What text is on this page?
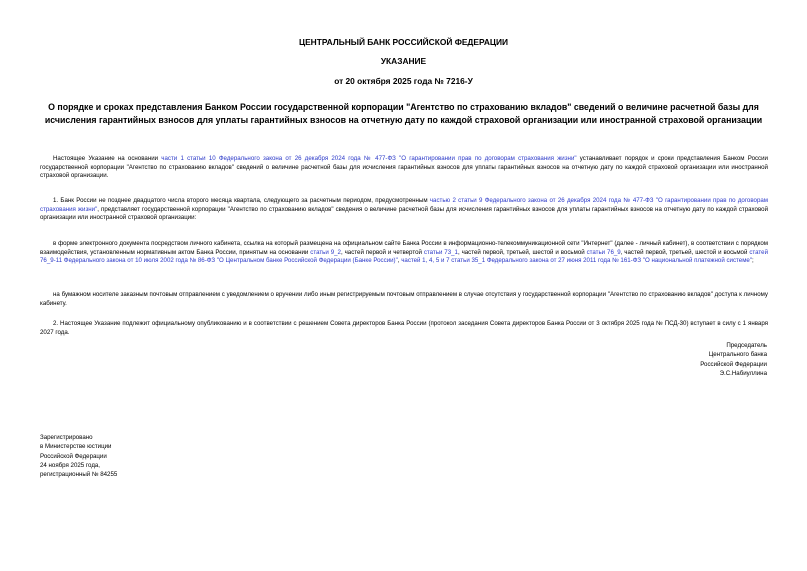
ЦЕНТРАЛЬНЫЙ БАНК РОССИЙСКОЙ ФЕДЕРАЦИИ
УКАЗАНИЕ
от 20 октября 2025 года № 7216-У
О порядке и сроках представления Банком России государственной корпорации "Агентство по страхованию вкладов" сведений о величине расчетной базы для исчисления гарантийных взносов для уплаты гарантийных взносов на отчетную дату по каждой страховой организации или иностранной страховой организации
Настоящее Указание на основании части 1 статьи 10 Федерального закона от 26 декабря 2024 года № 477-ФЗ "О гарантировании прав по договорам страхования жизни" устанавливает порядок и сроки представления Банком России государственной корпорации "Агентство по страхованию вкладов" сведений о величине расчетной базы для исчисления гарантийных взносов для уплаты гарантийных взносов на отчетную дату по каждой страховой организации или иностранной страховой организации.
1. Банк России не позднее двадцатого числа второго месяца квартала, следующего за расчетным периодом, предусмотренным частью 2 статьи 9 Федерального закона от 26 декабря 2024 года № 477-ФЗ "О гарантировании прав по договорам страхования жизни", представляет государственной корпорации "Агентство по страхованию вкладов" сведения о величине расчетной базы для исчисления гарантийных взносов для уплаты гарантийных взносов на отчетную дату по каждой страховой организации или иностранной страховой организации:
в форме электронного документа посредством личного кабинета, ссылка на который размещена на официальном сайте Банка России в информационно-телекоммуникационной сети "Интернет" (далее - личный кабинет), в соответствии с порядком взаимодействия, установленным нормативным актом Банка России, принятым на основании статьи 9_2, частей первой и четвертой статьи 73_1, частей первой, третьей, шестой и восьмой статьи 76_9, частей первой, третьей, шестой и восьмой статей 76_9-11 Федерального закона от 10 июля 2002 года № 86-ФЗ "О Центральном банке Российской Федерации (Банке России)", частей 1, 4, 5 и 7 статьи 35_1 Федерального закона от 27 июня 2011 года № 161-ФЗ "О национальной платежной системе";
на бумажном носителе заказным почтовым отправлением с уведомлением о вручении либо иным регистрируемым почтовым отправлением в случае отсутствия у государственной корпорации "Агентство по страхованию вкладов" доступа к личному кабинету.
2. Настоящее Указание подлежит официальному опубликованию и в соответствии с решением Совета директоров Банка России (протокол заседания Совета директоров Банка России от 3 октября 2025 года № ПСД-30) вступает в силу с 1 января 2027 года.
Председатель
Центрального банка
Российской Федерации
Э.С.Набиуллина
Зарегистрировано
в Министерстве юстиции
Российской Федерации
24 ноября 2025 года,
регистрационный № 84255
